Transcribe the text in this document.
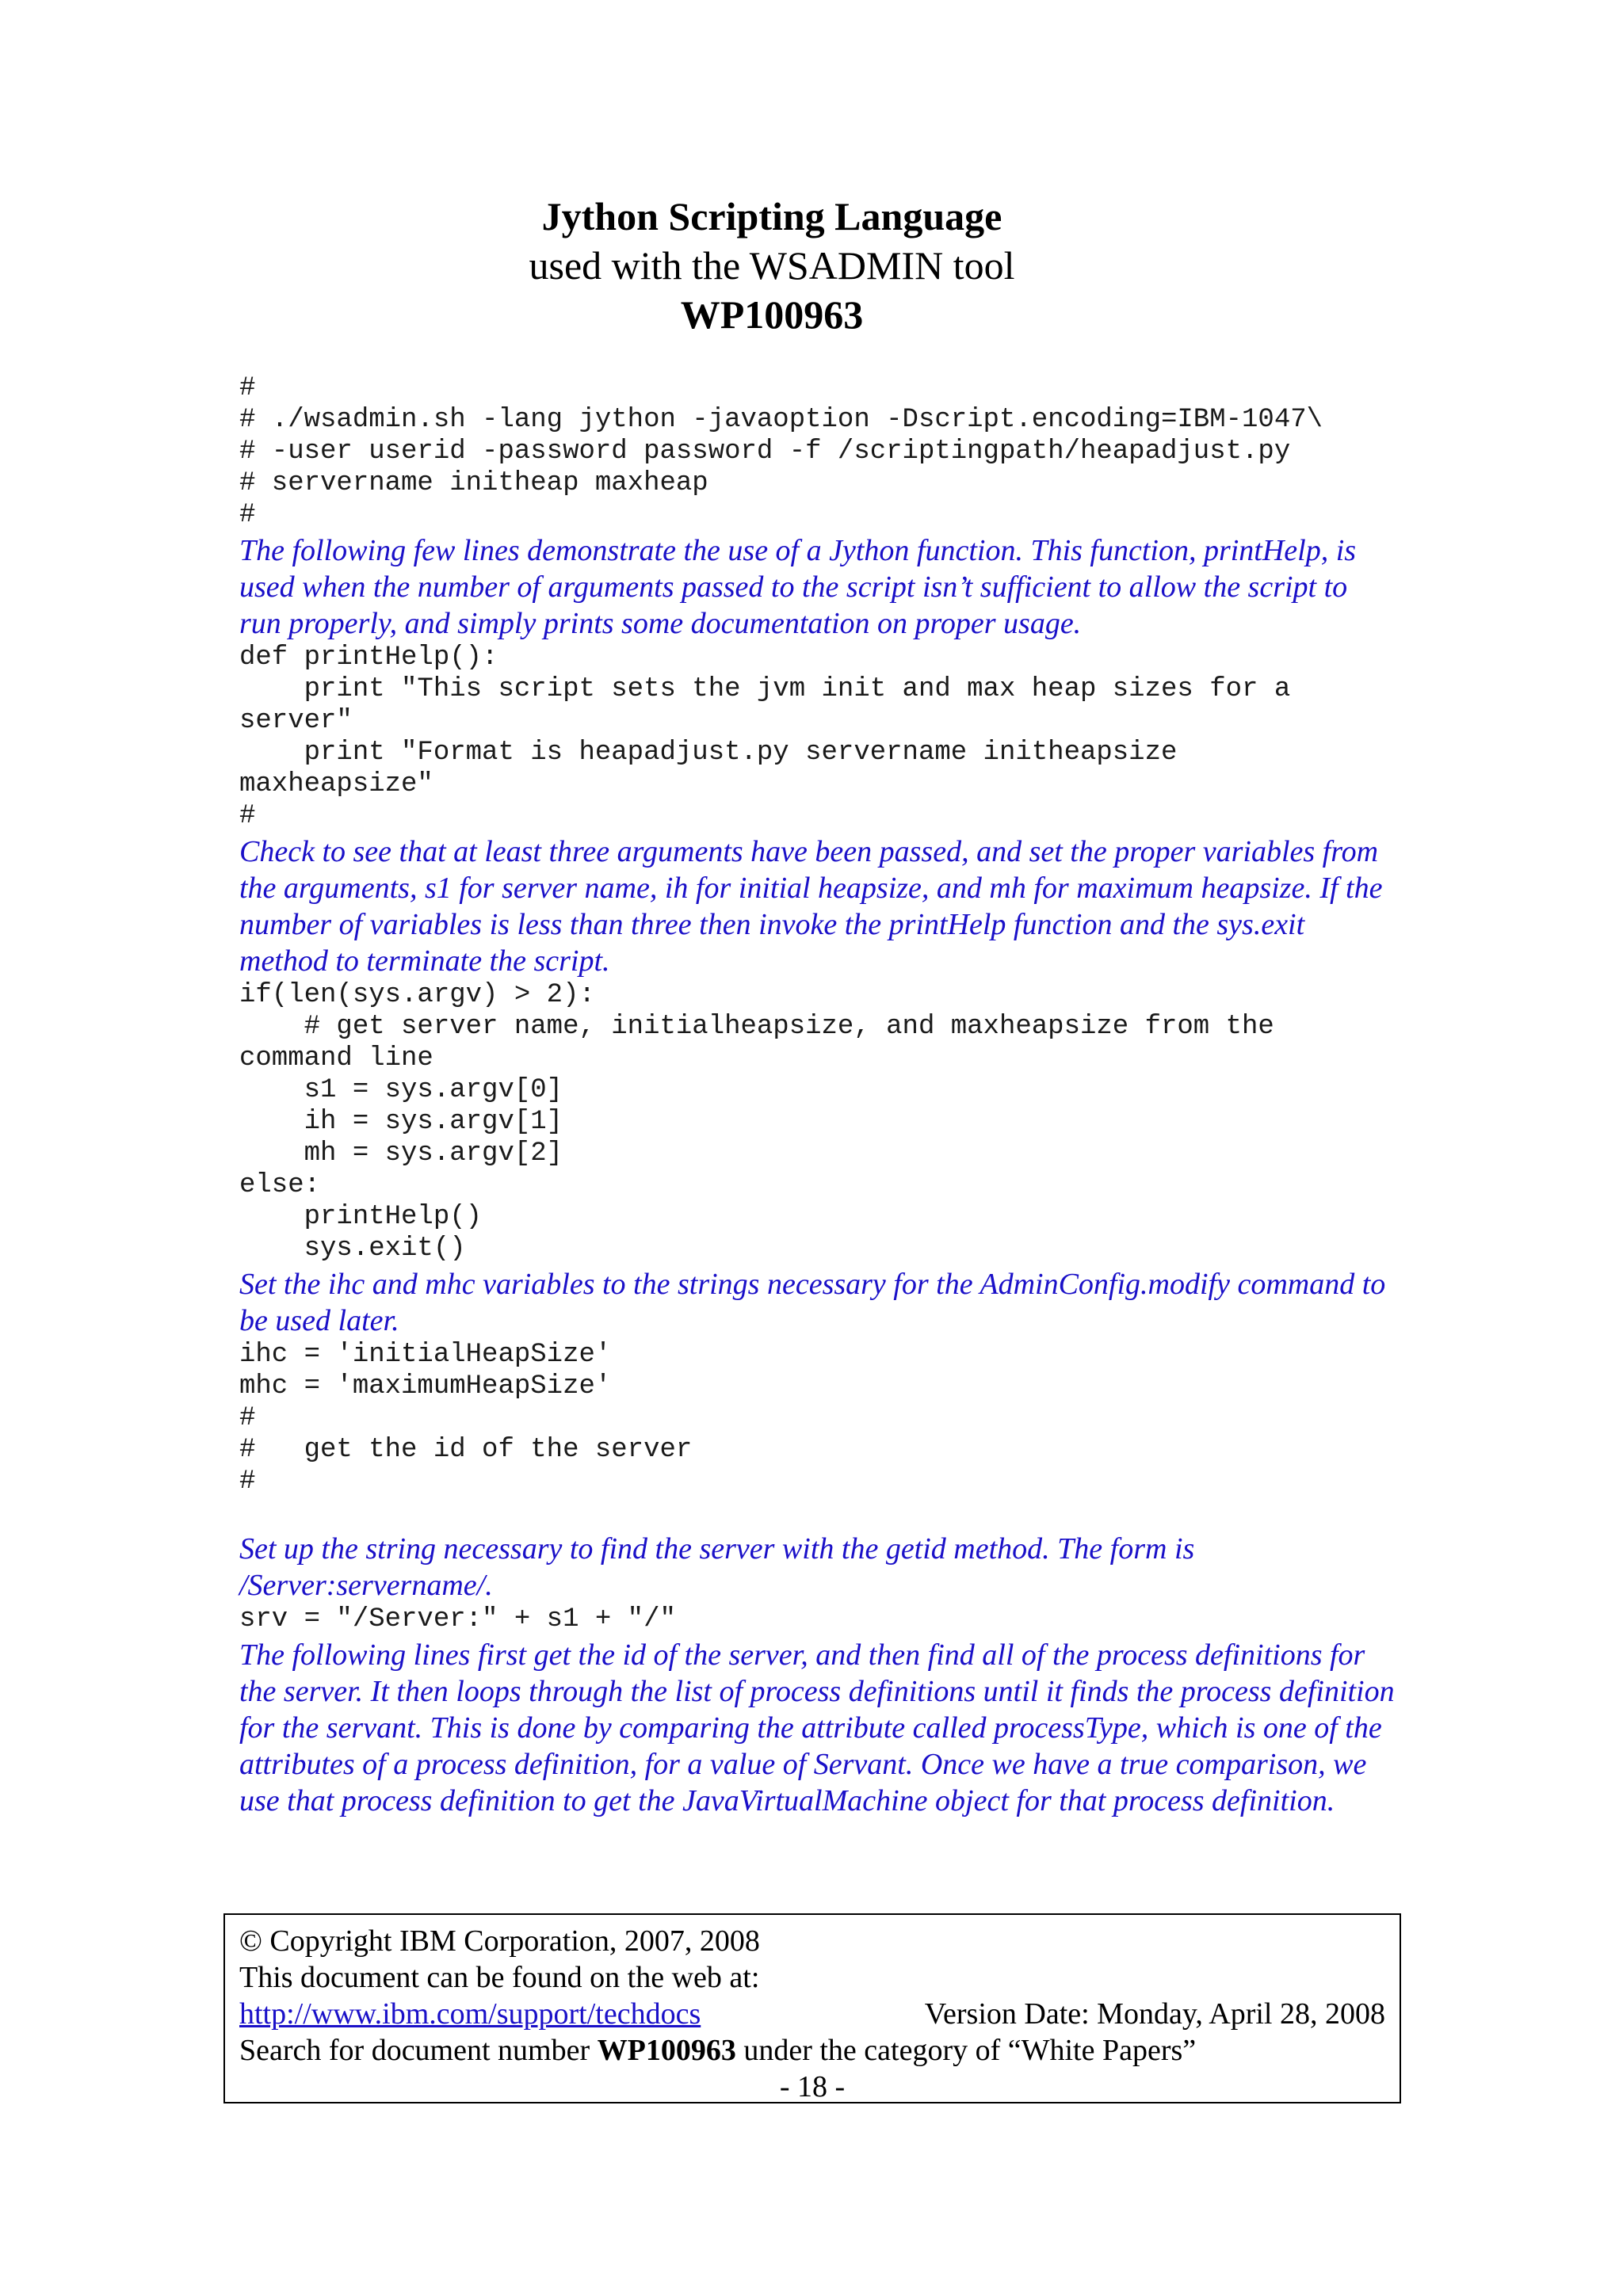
Jython Scripting Language
used with the WSADMIN tool
WP100963
#
# ./wsadmin.sh -lang jython -javaoption -Dscript.encoding=IBM-1047\
# -user userid -password password -f /scriptingpath/heapadjust.py
# servername initheap maxheap
#
The following few lines demonstrate the use of a Jython function. This function, printHelp, is used when the number of arguments passed to the script isn’t sufficient to allow the script to run properly, and simply prints some documentation on proper usage.
def printHelp():
print "This script sets the jvm init and max heap sizes for a
server"
print "Format is heapadjust.py servername initheapsize
maxheapsize"
#
Check to see that at least three arguments have been passed, and set the proper variables from the arguments, s1 for server name, ih for initial heapsize, and mh for maximum heapsize. If the number of variables is less than three then invoke the printHelp function and the sys.exit method to terminate the script.
if(len(sys.argv) > 2):
# get server name, initialheapsize, and maxheapsize from the
command line
s1 = sys.argv[0]
ih = sys.argv[1]
mh = sys.argv[2]
else:
printHelp()
sys.exit()
Set the ihc and mhc variables to the strings necessary for the AdminConfig.modify command to be used later.
ihc = 'initialHeapSize'
mhc = 'maximumHeapSize'
#
#   get the id of the server
#
Set up the string necessary to find the server with the getid method. The form is /Server:servername/.
srv = "/Server:" + s1 + "/"
The following lines first get the id of the server, and then find all of the process definitions for the server. It then loops through the list of process definitions until it finds the process definition for the servant. This is done by comparing the attribute called processType, which is one of the attributes of a process definition, for a value of Servant. Once we have a true comparison, we use that process definition to get the JavaVirtualMachine object for that process definition.
© Copyright IBM Corporation, 2007, 2008
This document can be found on the web at:
http://www.ibm.com/support/techdocs	Version Date: Monday, April 28, 2008
Search for document number WP100963 under the category of “White Papers”
- 18 -
